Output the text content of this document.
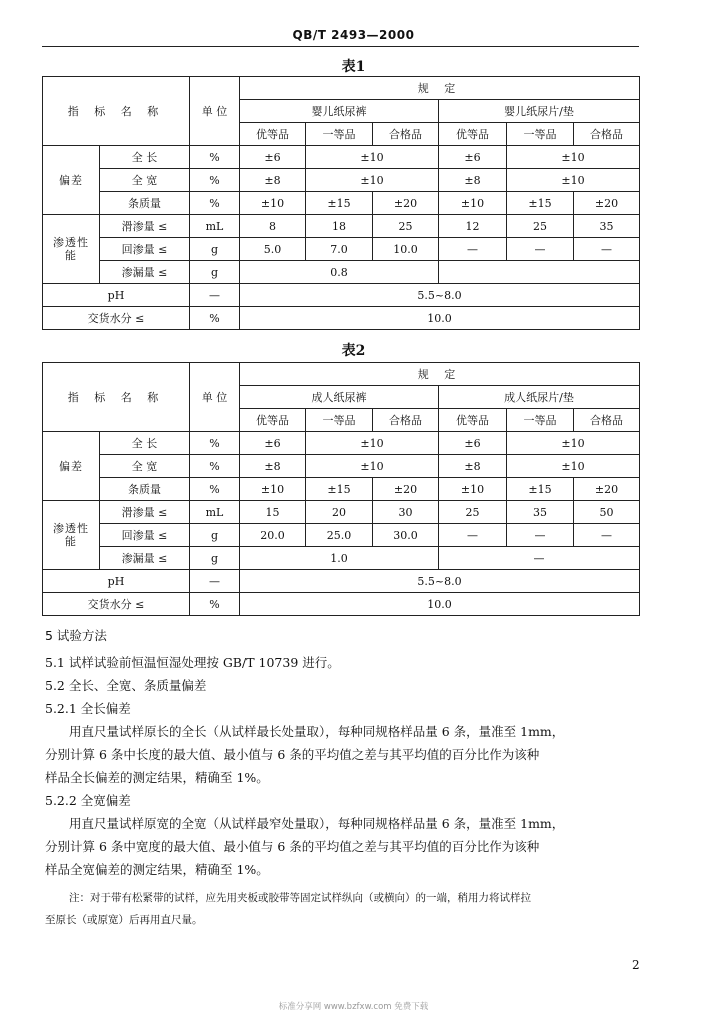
QB/T 2493—2000
表1
指 标 名 称		单 位	规 定					
			婴儿纸尿裤			婴儿纸尿片/垫		
			优等品	一等品	合格品	优等品	一等品	合格品
偏差	全 长	%	±6	±10		±6	±10	
	全 宽	%	±8	±10		±8	±10	
	条质量	%	±10	±15	±20	±10	±15	±20
渗透性能	滑渗量 ≤	mL	8	18	25	12	25	35
	回渗量 ≤	g	5.0	7.0	10.0	—	—	—
	渗漏量 ≤	g	0.8					
pH		—	5.5~8.0					
交货水分 ≤		%	10.0					
表2
指 标 名 称		单 位	规 定					
			成人纸尿裤			成人纸尿片/垫		
			优等品	一等品	合格品	优等品	一等品	合格品
偏差	全 长	%	±6	±10		±6	±10	
	全 宽	%	±8	±10		±8	±10	
	条质量	%	±10	±15	±20	±10	±15	±20
渗透性能	滑渗量 ≤	mL	15	20	30	25	35	50
	回渗量 ≤	g	20.0	25.0	30.0	—	—	—
	渗漏量 ≤	g	1.0			—		
pH		—	5.5~8.0					
交货水分 ≤		%	10.0					

5 试验方法

5.1 试样试验前恒温恒湿处理按 GB/T 10739 进行。

5.2 全长、全宽、条质量偏差

5.2.1 全长偏差

用直尺量试样原长的全长（从试样最长处量取），每种同规格样品量 6 条，量准至 1mm，

分别计算 6 条中长度的最大值、最小值与 6 条的平均值之差与其平均值的百分比作为该种

样品全长偏差的测定结果，精确至 1%。

5.2.2 全宽偏差

用直尺量试样原宽的全宽（从试样最窄处量取），每种同规格样品量 6 条，量准至 1mm，

分别计算 6 条中宽度的最大值、最小值与 6 条的平均值之差与其平均值的百分比作为该种

样品全宽偏差的测定结果，精确至 1%。

注：对于带有松紧带的试样，应先用夹板或胶带等固定试样纵向（或横向）的一端，稍用力将试样拉

至原长（或原宽）后再用直尺量。

2
标准分享网 www.bzfxw.com 免费下载
